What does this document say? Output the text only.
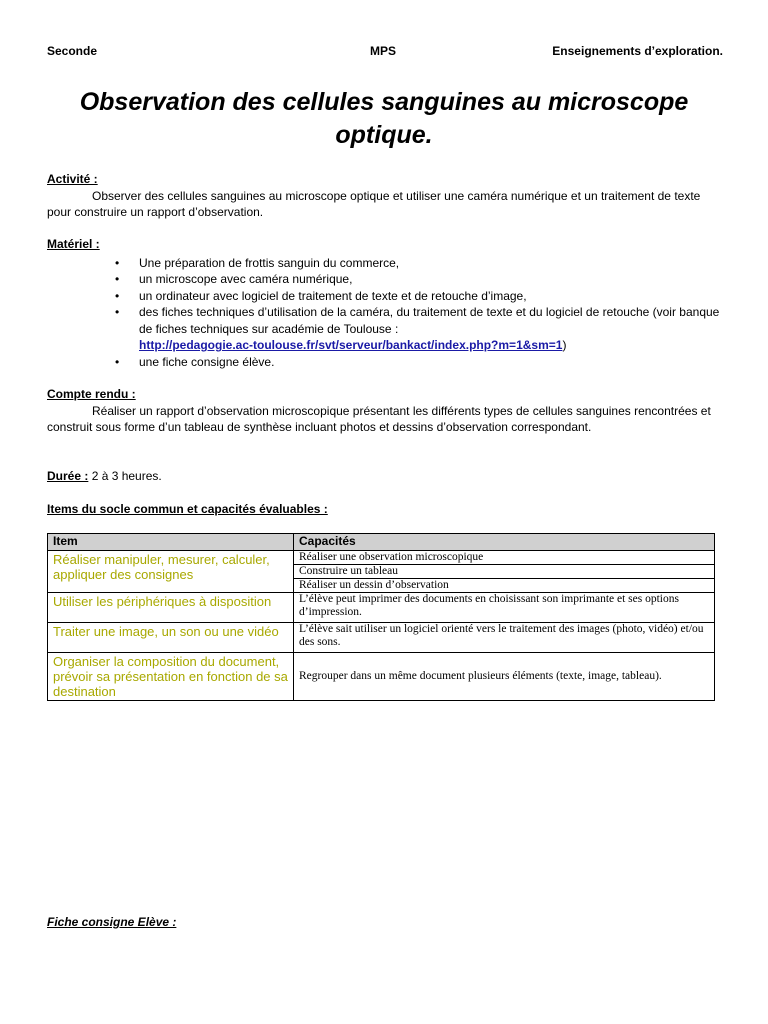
Seconde	MPS	Enseignements d’exploration.
Observation des cellules sanguines au microscope
optique.
Activité :

Observer des cellules sanguines au microscope optique et utiliser une caméra numérique et un traitement de texte pour construire un rapport d’observation.

Matériel :
• Une préparation de frottis sanguin du commerce,
• un microscope avec caméra numérique,
• un ordinateur avec logiciel de traitement de texte et de retouche d’image,
• des fiches techniques d’utilisation de la caméra, du traitement de texte et du logiciel de retouche (voir banque de fiches techniques sur académie de Toulouse :
http://pedagogie.ac-toulouse.fr/svt/serveur/bankact/index.php?m=1&sm=1)
• une fiche consigne élève.
Compte rendu :

Réaliser un rapport d’observation microscopique présentant les différents types de cellules sanguines rencontrées et construit sous forme d’un tableau de synthèse incluant photos et dessins d’observation correspondant.

Durée : 2 à 3 heures.
Items du socle commun et capacités évaluables :
Item	Capacités
Réaliser manipuler, mesurer, calculer, appliquer des consignes	Réaliser une observation microscopique
	Construire un tableau
	Réaliser un dessin d’observation
Utiliser les périphériques à disposition	L’élève peut imprimer des documents en choisissant son imprimante et ses options d’impression.
Traiter une image, un son ou une vidéo	L’élève sait utiliser un logiciel orienté vers le traitement des images (photo, vidéo) et/ou des sons.
Organiser la composition du document, prévoir sa présentation en fonction de sa destination	Regrouper dans un même document plusieurs éléments (texte, image, tableau).
Fiche consigne Elève :
